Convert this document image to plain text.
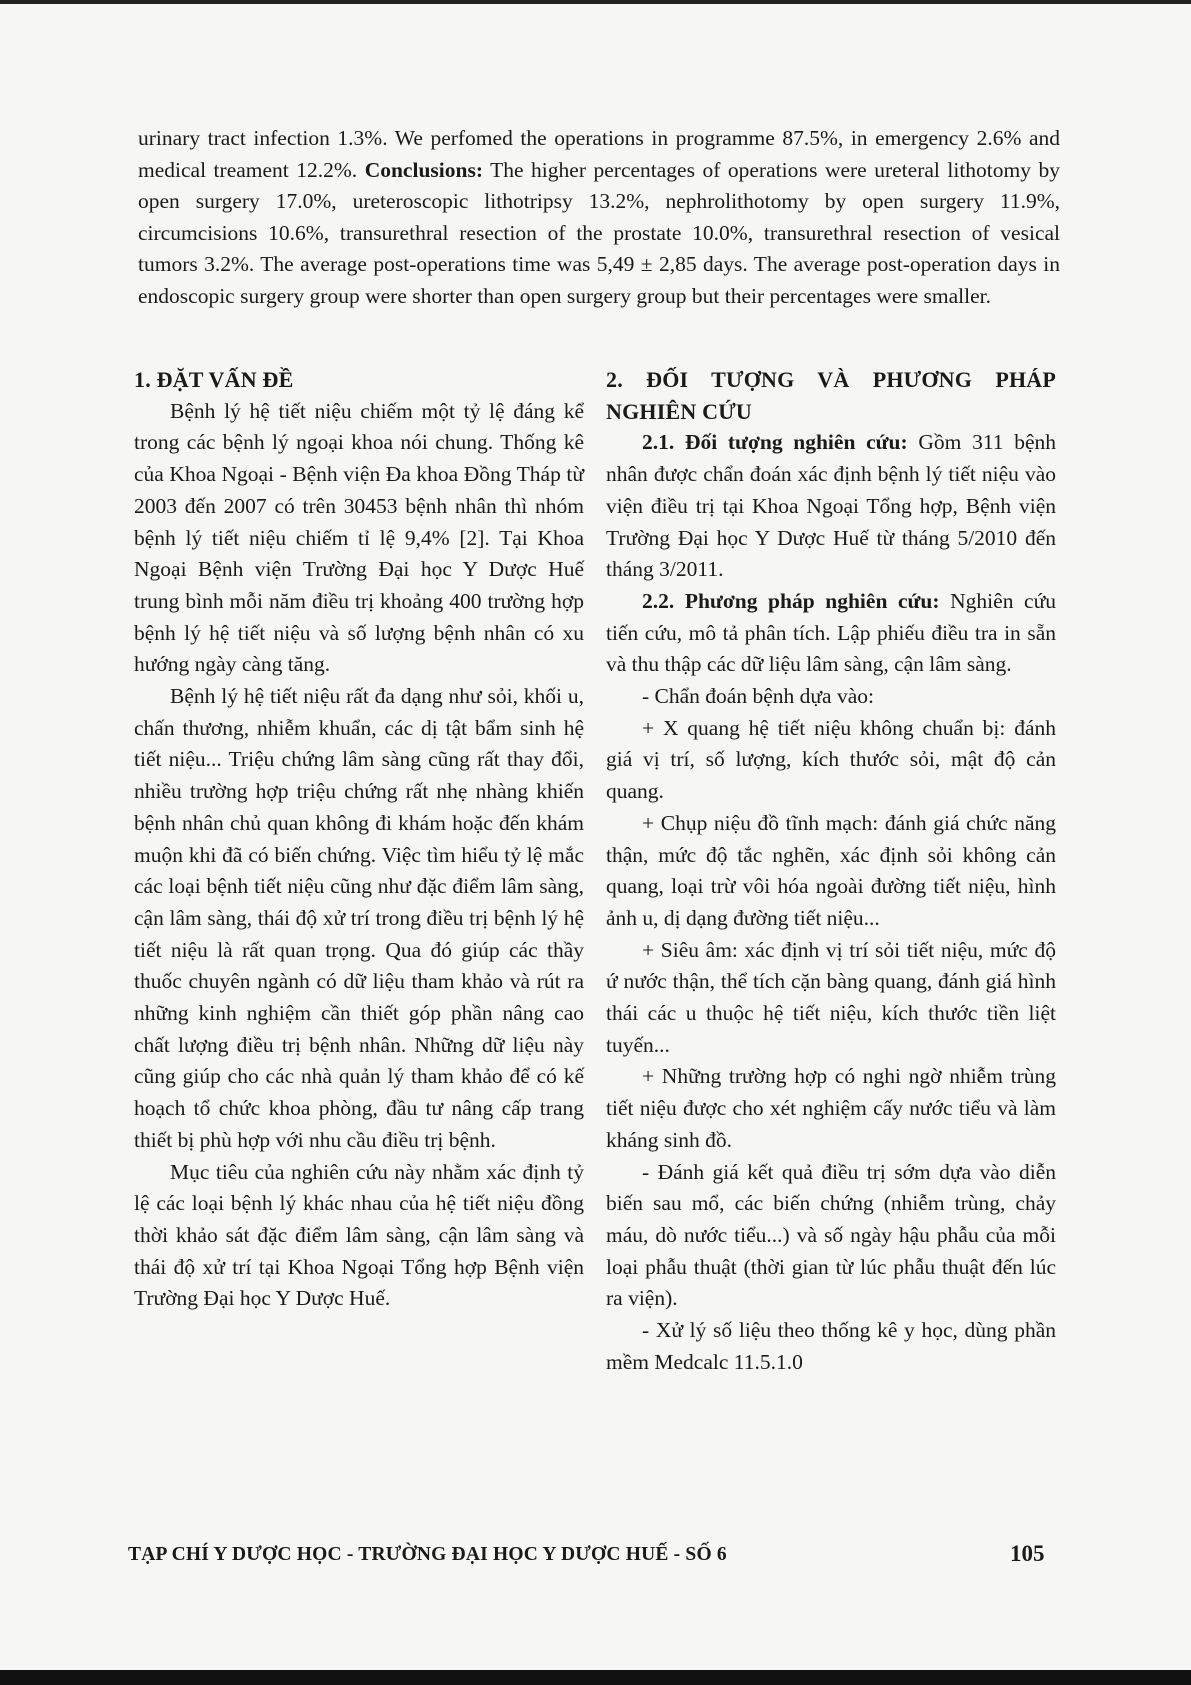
urinary tract infection 1.3%. We perfomed the operations in programme 87.5%, in emergency 2.6% and medical treament 12.2%. Conclusions: The higher percentages of operations were ureteral lithotomy by open surgery 17.0%, ureteroscopic lithotripsy 13.2%, nephrolithotomy by open surgery 11.9%, circumcisions 10.6%, transurethral resection of the prostate 10.0%, transurethral resection of vesical tumors 3.2%. The average post-operations time was 5,49 ± 2,85 days. The average post-operation days in endoscopic surgery group were shorter than open surgery group but their percentages were smaller.

1. ĐẶT VẤN ĐỀ

Bệnh lý hệ tiết niệu chiếm một tỷ lệ đáng kể trong các bệnh lý ngoại khoa nói chung. Thống kê của Khoa Ngoại - Bệnh viện Đa khoa Đồng Tháp từ 2003 đến 2007 có trên 30453 bệnh nhân thì nhóm bệnh lý tiết niệu chiếm tỉ lệ 9,4% [2]. Tại Khoa Ngoại Bệnh viện Trường Đại học Y Dược Huế trung bình mỗi năm điều trị khoảng 400 trường hợp bệnh lý hệ tiết niệu và số lượng bệnh nhân có xu hướng ngày càng tăng.

Bệnh lý hệ tiết niệu rất đa dạng như sỏi, khối u, chấn thương, nhiễm khuẩn, các dị tật bẩm sinh hệ tiết niệu... Triệu chứng lâm sàng cũng rất thay đổi, nhiều trường hợp triệu chứng rất nhẹ nhàng khiến bệnh nhân chủ quan không đi khám hoặc đến khám muộn khi đã có biến chứng. Việc tìm hiểu tỷ lệ mắc các loại bệnh tiết niệu cũng như đặc điểm lâm sàng, cận lâm sàng, thái độ xử trí trong điều trị bệnh lý hệ tiết niệu là rất quan trọng. Qua đó giúp các thầy thuốc chuyên ngành có dữ liệu tham khảo và rút ra những kinh nghiệm cần thiết góp phần nâng cao chất lượng điều trị bệnh nhân. Những dữ liệu này cũng giúp cho các nhà quản lý tham khảo để có kế hoạch tổ chức khoa phòng, đầu tư nâng cấp trang thiết bị phù hợp với nhu cầu điều trị bệnh.

Mục tiêu của nghiên cứu này nhằm xác định tỷ lệ các loại bệnh lý khác nhau của hệ tiết niệu đồng thời khảo sát đặc điểm lâm sàng, cận lâm sàng và thái độ xử trí tại Khoa Ngoại Tổng hợp Bệnh viện Trường Đại học Y Dược Huế.

2. ĐỐI TƯỢNG VÀ PHƯƠNG PHÁP NGHIÊN CỨU

2.1. Đối tượng nghiên cứu: Gồm 311 bệnh nhân được chẩn đoán xác định bệnh lý tiết niệu vào viện điều trị tại Khoa Ngoại Tổng hợp, Bệnh viện Trường Đại học Y Dược Huế từ tháng 5/2010 đến tháng 3/2011.

2.2. Phương pháp nghiên cứu: Nghiên cứu tiến cứu, mô tả phân tích. Lập phiếu điều tra in sẵn và thu thập các dữ liệu lâm sàng, cận lâm sàng.

- Chẩn đoán bệnh dựa vào:

+ X quang hệ tiết niệu không chuẩn bị: đánh giá vị trí, số lượng, kích thước sỏi, mật độ cản quang.

+ Chụp niệu đồ tĩnh mạch: đánh giá chức năng thận, mức độ tắc nghẽn, xác định sỏi không cản quang, loại trừ vôi hóa ngoài đường tiết niệu, hình ảnh u, dị dạng đường tiết niệu...

+ Siêu âm: xác định vị trí sỏi tiết niệu, mức độ ứ nước thận, thể tích cặn bàng quang, đánh giá hình thái các u thuộc hệ tiết niệu, kích thước tiền liệt tuyến...

+ Những trường hợp có nghi ngờ nhiễm trùng tiết niệu được cho xét nghiệm cấy nước tiểu và làm kháng sinh đồ.

- Đánh giá kết quả điều trị sớm dựa vào diễn biến sau mổ, các biến chứng (nhiễm trùng, chảy máu, dò nước tiểu...) và số ngày hậu phẫu của mỗi loại phẫu thuật (thời gian từ lúc phẫu thuật đến lúc ra viện).

- Xử lý số liệu theo thống kê y học, dùng phần mềm Medcalc 11.5.1.0

TẠP CHÍ Y DƯỢC HỌC - TRƯỜNG ĐẠI HỌC Y DƯỢC HUẾ - SỐ 6	105
